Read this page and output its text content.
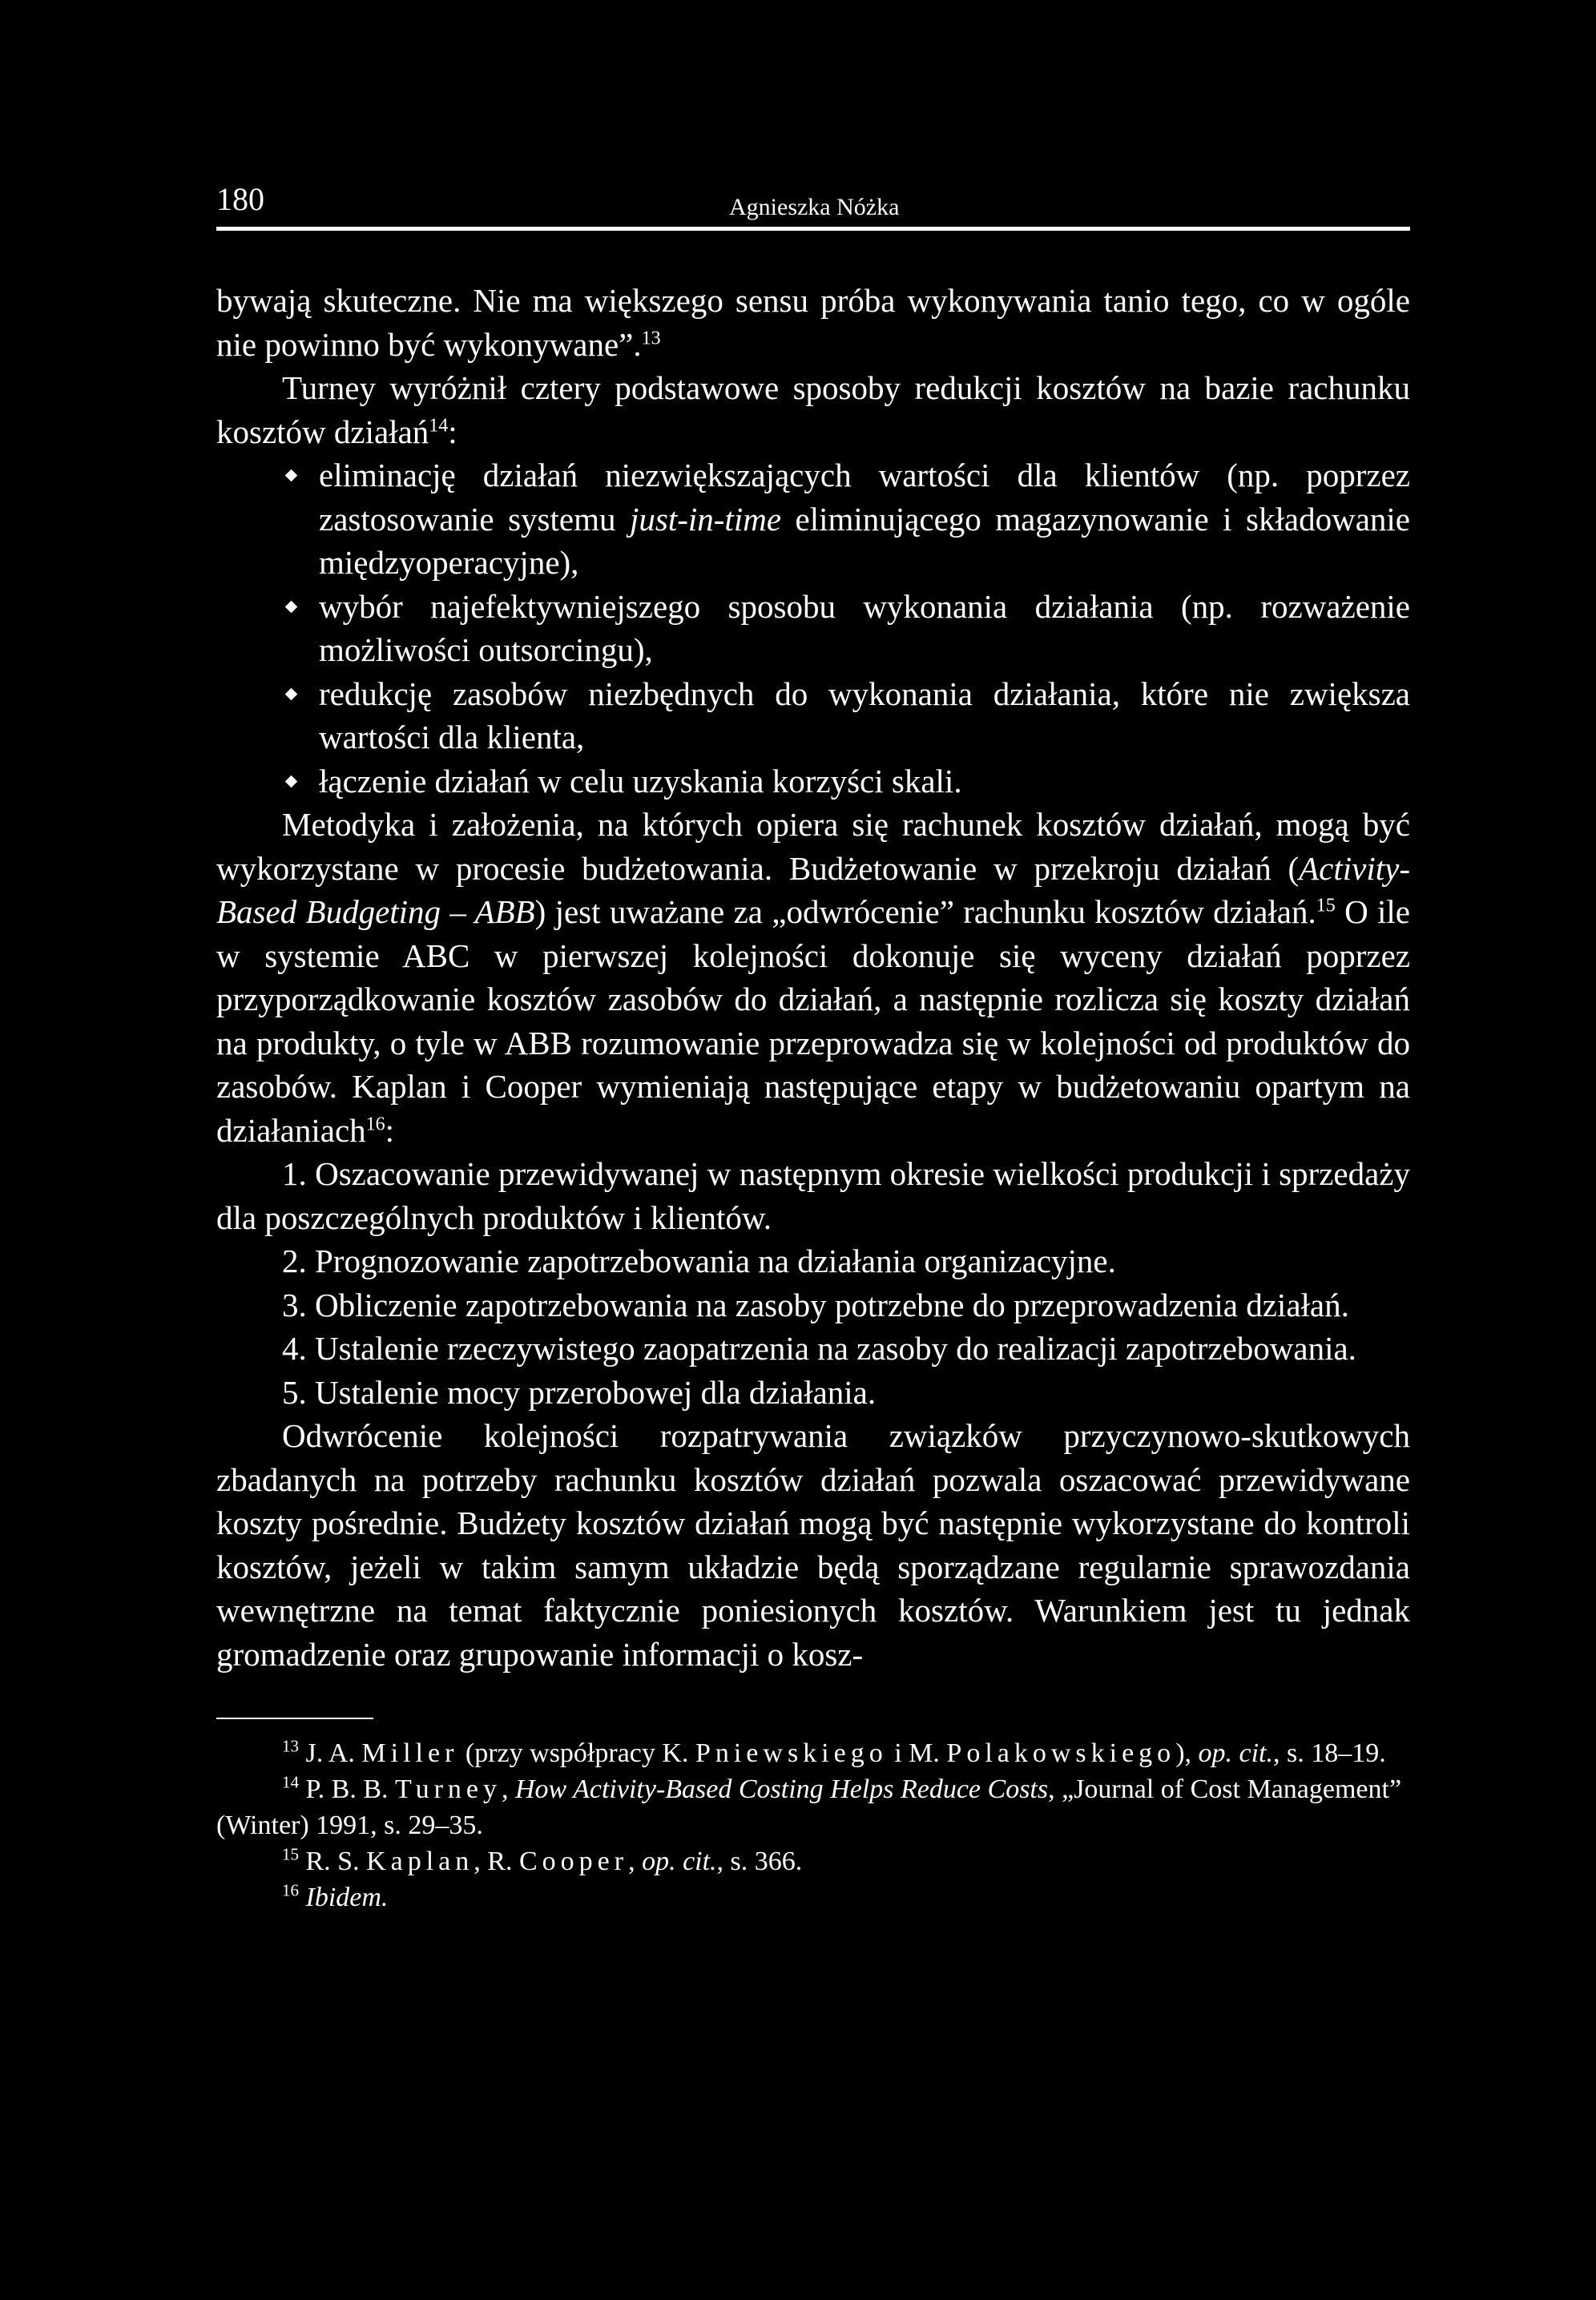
180	Agnieszka Nóżka

bywają skuteczne. Nie ma większego sensu próba wykonywania tanio tego, co w ogóle nie powinno być wykonywane”.$^{13}$

Turney wyróżnił cztery podstawowe sposoby redukcji kosztów na bazie rachunku kosztów działań$^{14}$:

eliminację działań niezwiększających wartości dla klientów (np. poprzez zastosowanie systemu just-in-time eliminującego magazynowanie i składowanie międzyoperacyjne),
wybór najefektywniejszego sposobu wykonania działania (np. rozważenie możliwości outsorcingu),
redukcję zasobów niezbędnych do wykonania działania, które nie zwiększa wartości dla klienta,
łączenie działań w celu uzyskania korzyści skali.

Metodyka i założenia, na których opiera się rachunek kosztów działań, mogą być wykorzystane w procesie budżetowania. Budżetowanie w przekroju działań (Activity-Based Budgeting – ABB) jest uważane za „odwrócenie” rachunku kosztów działań.$^{15}$ O ile w systemie ABC w pierwszej kolejności dokonuje się wyceny działań poprzez przyporządkowanie kosztów zasobów do działań, a następnie rozlicza się koszty działań na produkty, o tyle w ABB rozumowanie przeprowadza się w kolejności od produktów do zasobów. Kaplan i Cooper wymieniają następujące etapy w budżetowaniu opartym na działaniach$^{16}$:

1. Oszacowanie przewidywanej w następnym okresie wielkości produkcji i sprzedaży dla poszczególnych produktów i klientów.

2. Prognozowanie zapotrzebowania na działania organizacyjne.

3. Obliczenie zapotrzebowania na zasoby potrzebne do przeprowadzenia działań.

4. Ustalenie rzeczywistego zaopatrzenia na zasoby do realizacji zapotrzebowania.

5. Ustalenie mocy przerobowej dla działania.

Odwrócenie kolejności rozpatrywania związków przyczynowo-skutkowych zbadanych na potrzeby rachunku kosztów działań pozwala oszacować przewidywane koszty pośrednie. Budżety kosztów działań mogą być następnie wykorzystane do kontroli kosztów, jeżeli w takim samym układzie będą sporządzane regularnie sprawozdania wewnętrzne na temat faktycznie poniesionych kosztów. Warunkiem jest tu jednak gromadzenie oraz grupowanie informacji o kosz-

$^{13}$ J. A. Miller (przy współpracy K. Pniewskiego i M. Polakowskiego), op. cit., s. 18–19.

$^{14}$ P. B. B. Turney, How Activity-Based Costing Helps Reduce Costs, „Journal of Cost Management” (Winter) 1991, s. 29–35.

$^{15}$ R. S. Kaplan, R. Cooper, op. cit., s. 366.

$^{16}$ Ibidem.
